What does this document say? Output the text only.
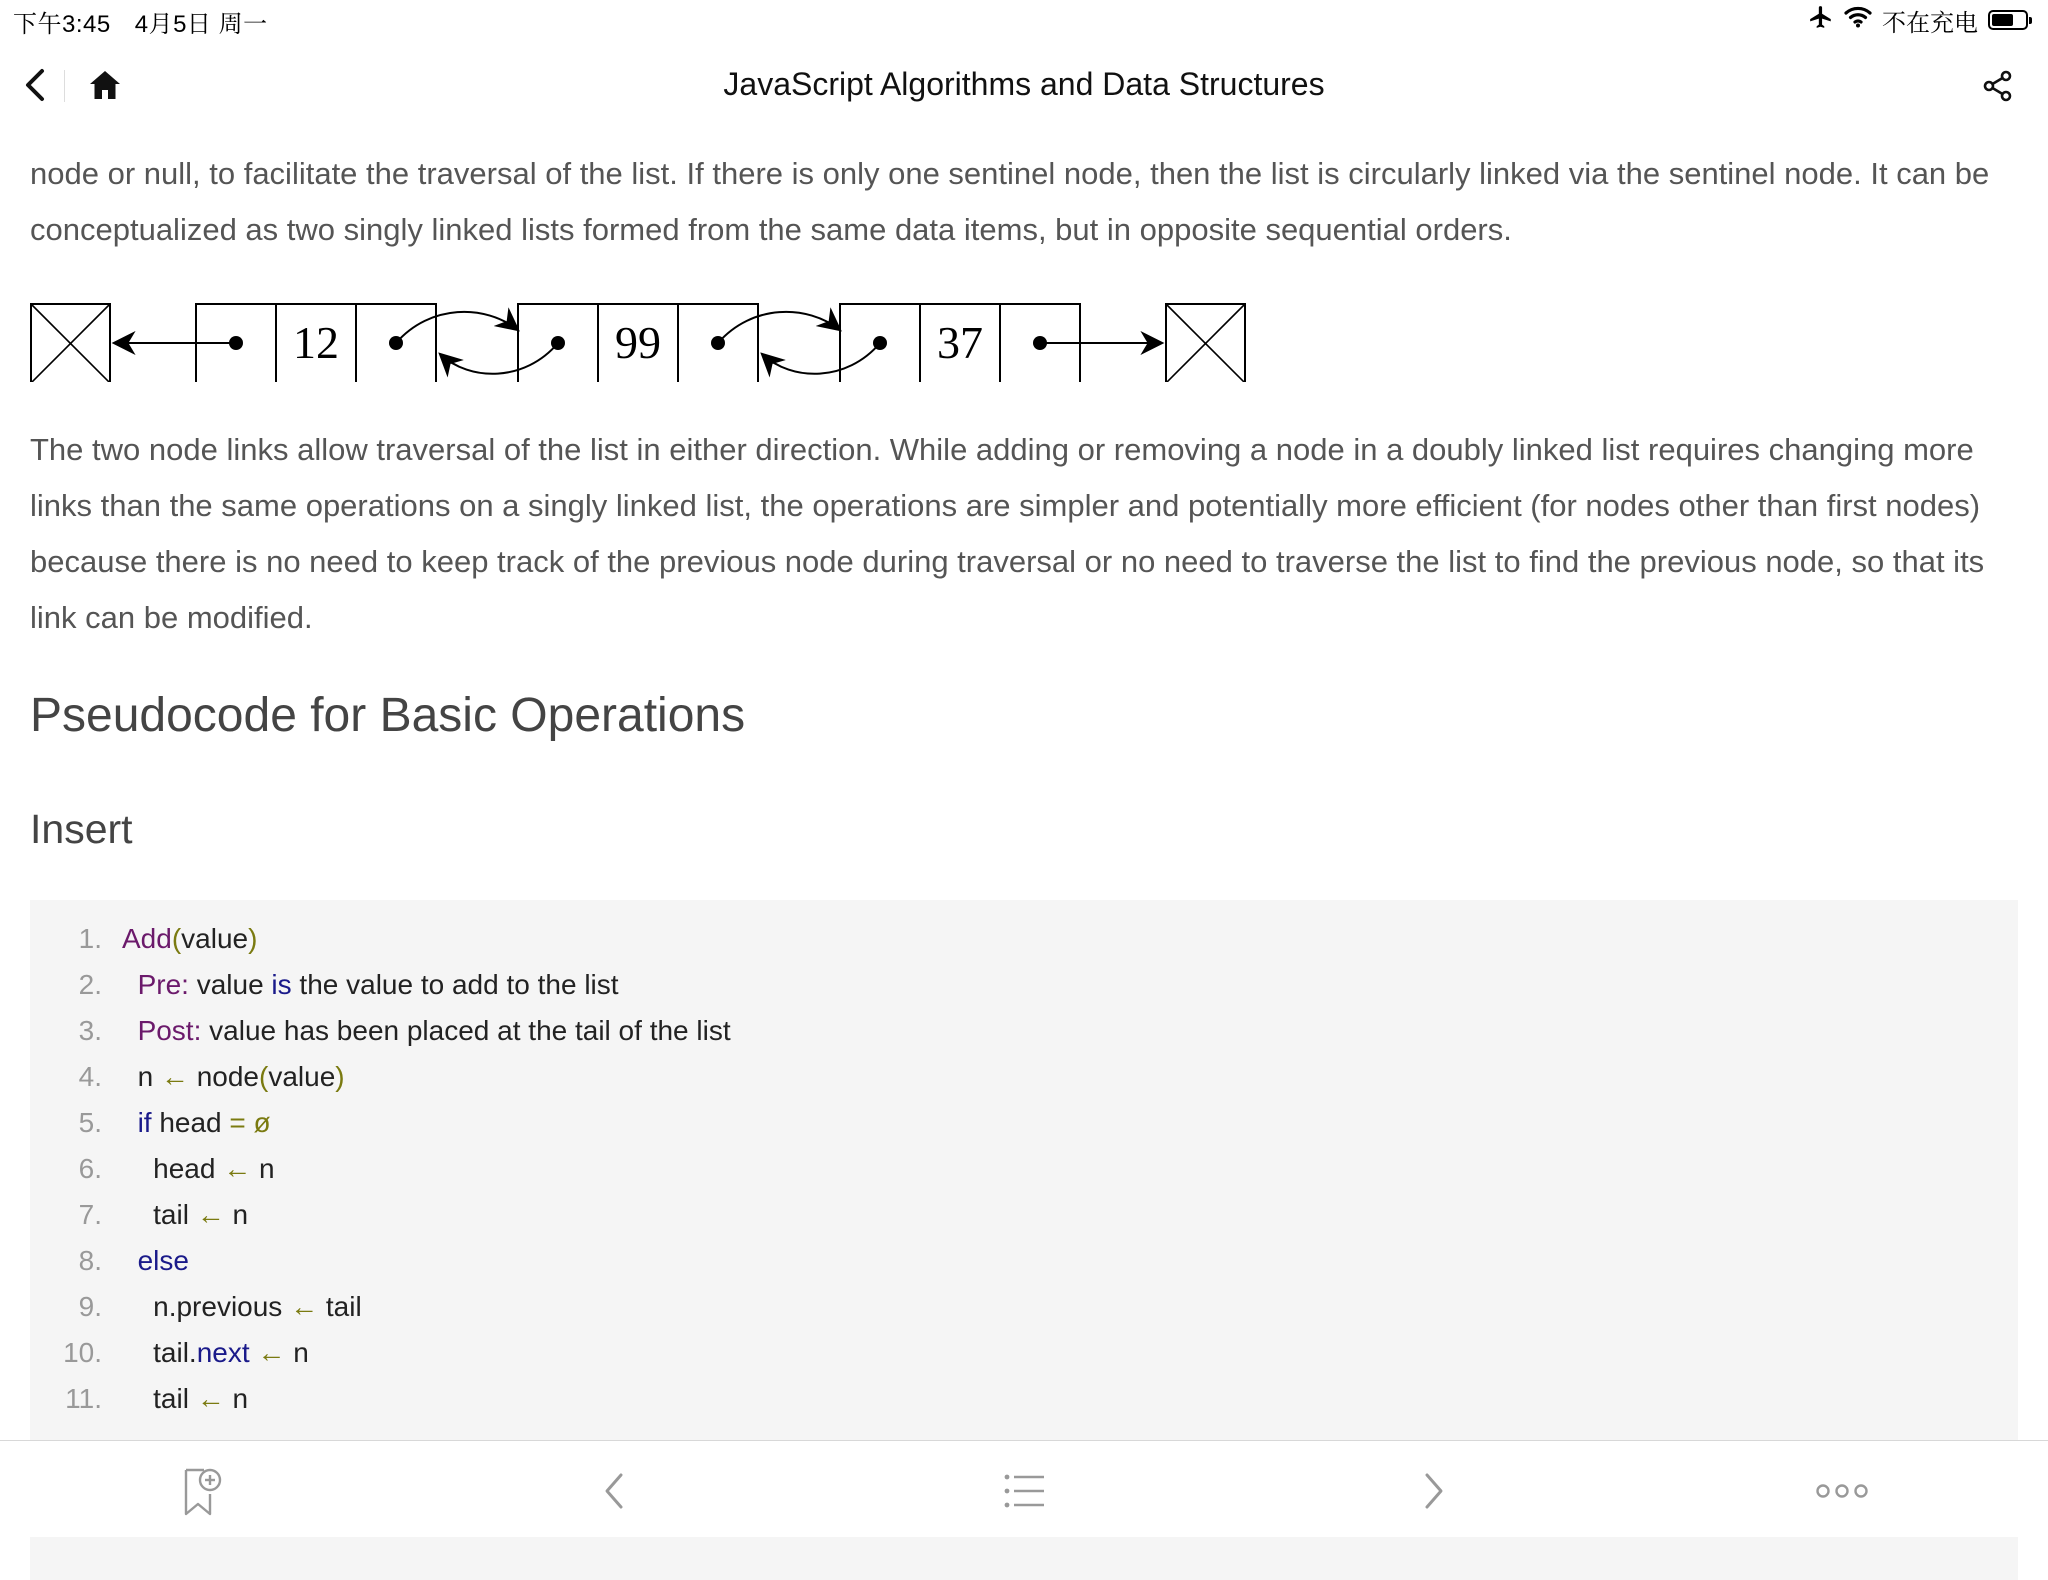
下午3:45 4月5日 周一	不在充电
JavaScript Algorithms and Data Structures

node or null, to facilitate the traversal of the list. If there is only one sentinel node, then the list is circularly linked via the sentinel node. It can be conceptualized as two singly linked lists formed from the same data items, but in opposite sequential orders.

12	99	37

The two node links allow traversal of the list in either direction. While adding or removing a node in a doubly linked list requires changing more links than the same operations on a singly linked list, the operations are simpler and potentially more efficient (for nodes other than first nodes) because there is no need to keep track of the previous node during traversal or no need to traverse the list to find the previous node, so that its link can be modified.

Pseudocode for Basic Operations
Insert
1. Add(value)
2. Pre: value is the value to add to the list
3. Post: value has been placed at the tail of the list
4. n ← node(value)
5. if head = ø
6. head ← n
7. tail ← n
8. else
9. n.previous ← tail
10. tail.next ← n
11. tail ← n
